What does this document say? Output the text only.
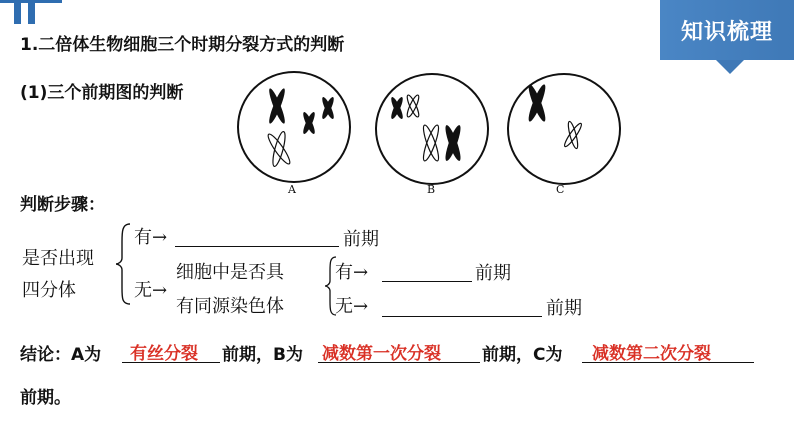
知识梳理
1.二倍体生物细胞三个时期分裂方式的判断
(1)三个前期图的判断
A	B	C
判断步骤：
是否出现
四分体
有→	前期
无→
细胞中是否具
有同源染色体
有→	前期
无→	前期
结论：A为 有丝分裂 前期，B为 减数第一次分裂 前期，C为 减数第二次分裂
前期。
